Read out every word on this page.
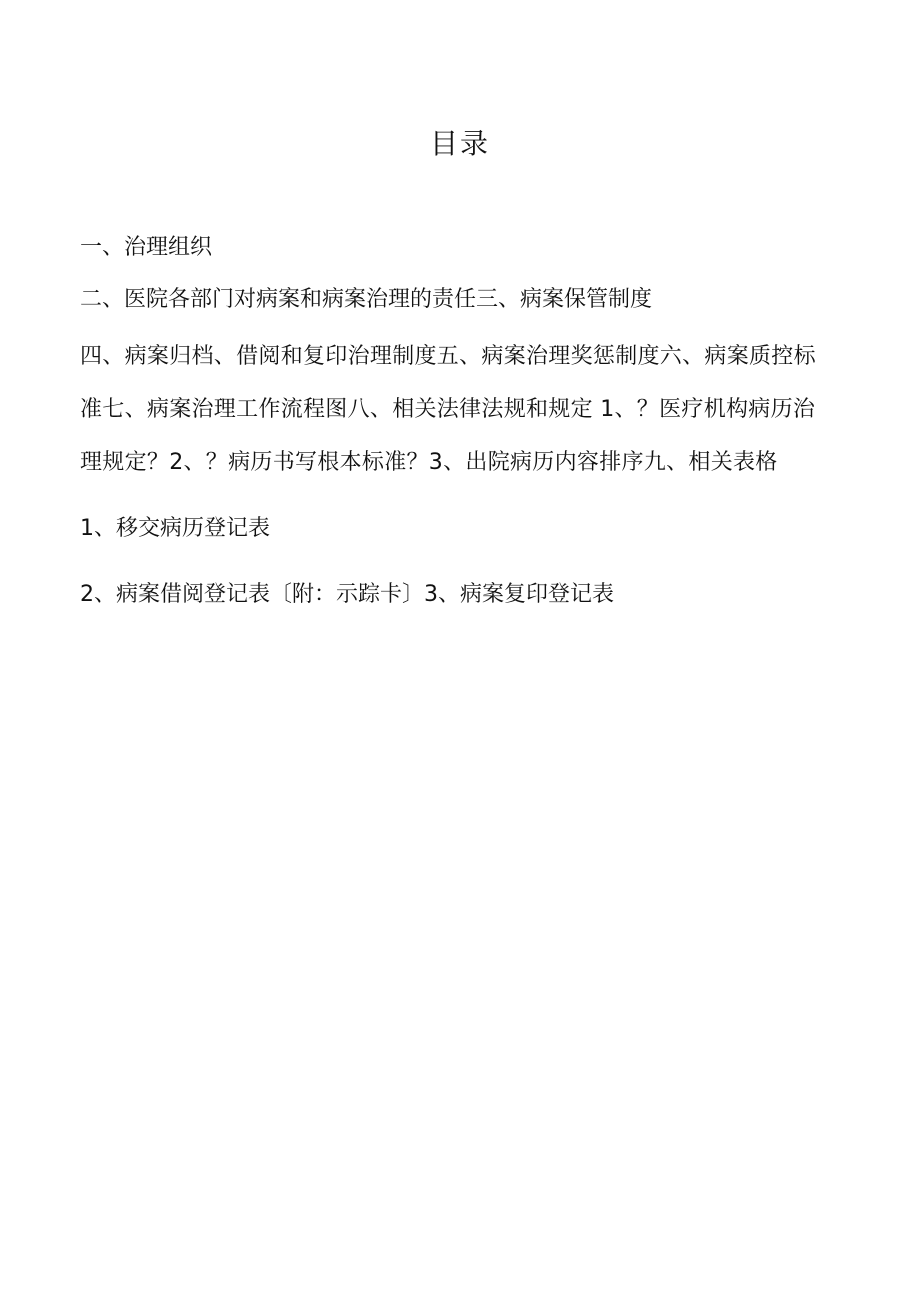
目录

一、治理组织

二、医院各部门对病案和病案治理的责任三、病案保管制度

四、病案归档、借阅和复印治理制度五、病案治理奖惩制度六、病案质控标
准七、病案治理工作流程图八、相关法律法规和规定 1、？医疗机构病历治
理规定？2、？病历书写根本标准？3、出院病历内容排序九、相关表格

1、移交病历登记表

2、病案借阅登记表〔附：示踪卡〕3、病案复印登记表
